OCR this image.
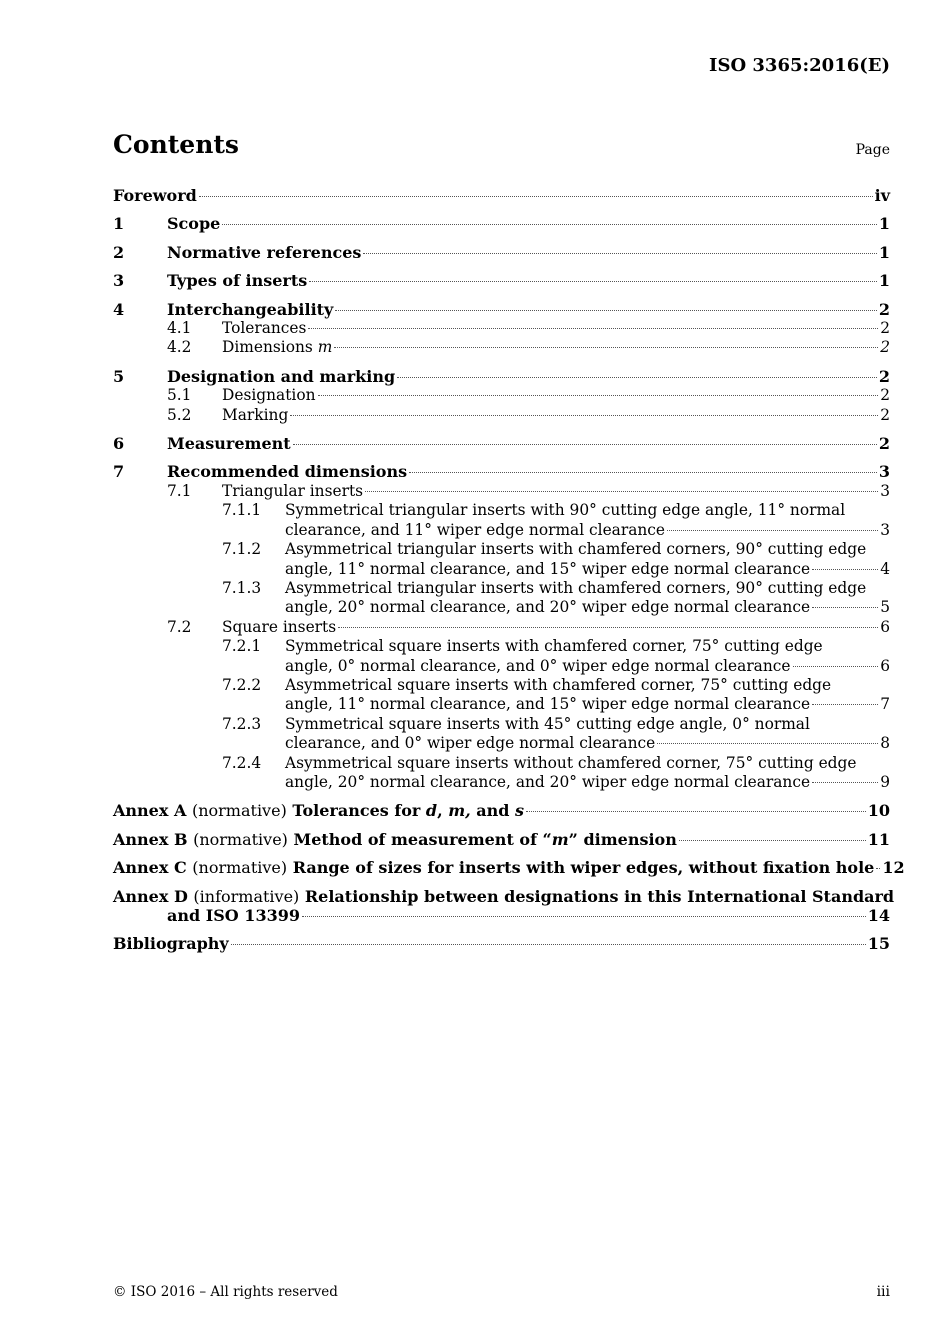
ISO 3365:2016(E)
Contents	Page
Foreword	iv
1	Scope	1
2	Normative references	1
3	Types of inserts	1
4	Interchangeability	2
4.1 Tolerances	2
4.2 Dimensions m	2
5	Designation and marking	2
5.1 Designation	2
5.2 Marking	2
6	Measurement	2
7	Recommended dimensions	3
7.1 Triangular inserts	3
7.1.1 Symmetrical triangular inserts with 90° cutting edge angle, 11° normal
clearance, and 11° wiper edge normal clearance	3
7.1.2 Asymmetrical triangular inserts with chamfered corners, 90° cutting edge
angle, 11° normal clearance, and 15° wiper edge normal clearance	4
7.1.3 Asymmetrical triangular inserts with chamfered corners, 90° cutting edge
angle, 20° normal clearance, and 20° wiper edge normal clearance	5
7.2 Square inserts	6
7.2.1 Symmetrical square inserts with chamfered corner, 75° cutting edge
angle, 0° normal clearance, and 0° wiper edge normal clearance	6
7.2.2 Asymmetrical square inserts with chamfered corner, 75° cutting edge
angle, 11° normal clearance, and 15° wiper edge normal clearance	7
7.2.3 Symmetrical square inserts with 45° cutting edge angle, 0° normal
clearance, and 0° wiper edge normal clearance	8
7.2.4 Asymmetrical square inserts without chamfered corner, 75° cutting edge
angle, 20° normal clearance, and 20° wiper edge normal clearance	9
Annex A (normative) Tolerances for d, m, and s	10
Annex B (normative) Method of measurement of “m” dimension	11
Annex C (normative) Range of sizes for inserts with wiper edges, without fixation hole 12
Annex D (informative) Relationship between designations in this International Standard
and ISO 13399	14
Bibliography	15
© ISO 2016 – All rights reserved	iii
